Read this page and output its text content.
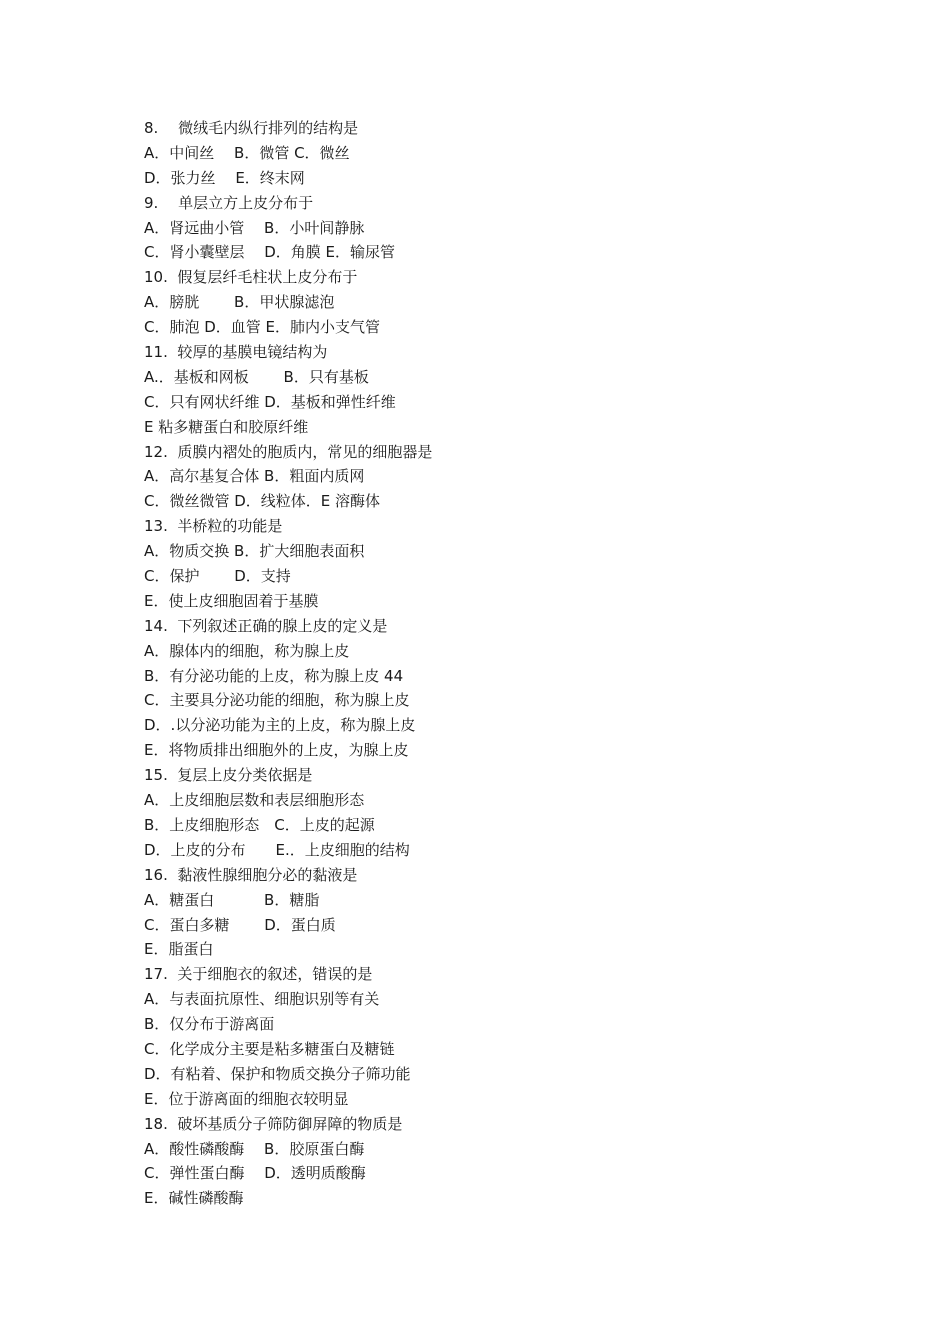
8.　 微绒毛内纵行排列的结构是
A．中间丝　 B．微管 C．微丝
D．张力丝　 E．终末网
9.　 单层立方上皮分布于
A．肾远曲小管　 B．小叶间静脉
C．肾小囊壁层　 D．角膜 E．输尿管
10.  假复层纤毛柱状上皮分布于
A．膀胱　　 B．甲状腺滤泡
C．肺泡 D．血管 E．肺内小支气管
11.  较厚的基膜电镜结构为
A.．基板和网板　　 B．只有基板
C．只有网状纤维 D．基板和弹性纤维
E 粘多糖蛋白和胶原纤维
12.  质膜内褶处的胞质内，常见的细胞器是
A．高尔基复合体 B．粗面内质网
C．微丝微管 D．线粒体．E 溶酶体
13.  半桥粒的功能是
A．物质交换 B．扩大细胞表面积
C．保护　　 D．支持
E．使上皮细胞固着于基膜
14.  下列叙述正确的腺上皮的定义是
A．腺体内的细胞，称为腺上皮
B．有分泌功能的上皮，称为腺上皮 44
C．主要具分泌功能的细胞，称为腺上皮
D．.以分泌功能为主的上皮，称为腺上皮
E．将物质排出细胞外的上皮，为腺上皮
15.  复层上皮分类依据是
A．上皮细胞层数和表层细胞形态
B．上皮细胞形态　C．上皮的起源
D．上皮的分布　　E.．上皮细胞的结构
16.  黏液性腺细胞分必的黏液是
A．糖蛋白　　　 B．糖脂
C．蛋白多糖　　 D．蛋白质
E．脂蛋白
17.  关于细胞衣的叙述，错误的是
A．与表面抗原性、细胞识别等有关
B．仅分布于游离面
C．化学成分主要是粘多糖蛋白及糖链
D．有粘着、保护和物质交换分子筛功能
E．位于游离面的细胞衣较明显
18.  破坏基质分子筛防御屏障的物质是
A．酸性磷酸酶　 B．胶原蛋白酶
C．弹性蛋白酶　 D．透明质酸酶
E．碱性磷酸酶
